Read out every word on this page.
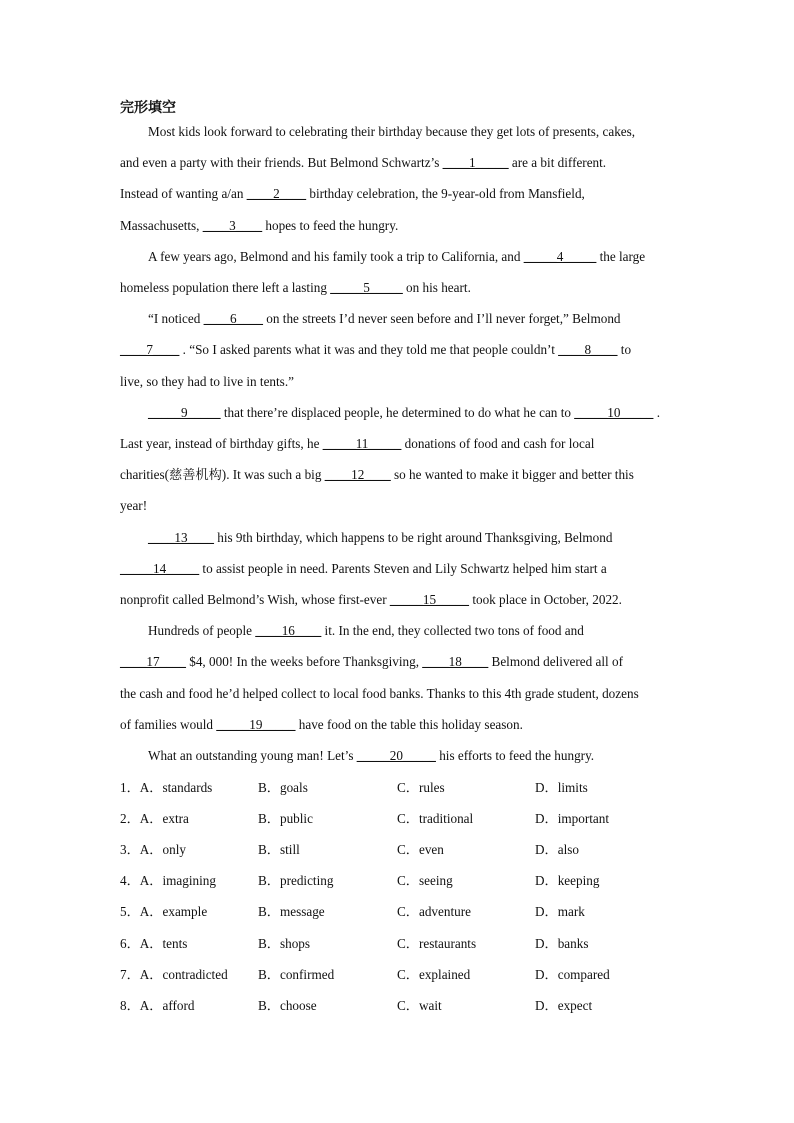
完形填空

Most kids look forward to celebrating their birthday because they get lots of presents, cakes,

and even a party with their friends. But Belmond Schwartz’s ____1_____ are a bit different.

Instead of wanting a/an ____2____ birthday celebration, the 9-year-old from Mansfield,

Massachusetts, ____3____ hopes to feed the hungry.

A few years ago, Belmond and his family took a trip to California, and _____4_____ the large

homeless population there left a lasting _____5_____ on his heart.

“I noticed ____6____ on the streets I’d never seen before and I’ll never forget,” Belmond

____7____ . “So I asked parents what it was and they told me that people couldn’t ____8____ to

live, so they had to live in tents.”

_____9_____ that there’re displaced people, he determined to do what he can to _____10_____ .

Last year, instead of birthday gifts, he _____11_____ donations of food and cash for local

charities(慈善机构). It was such a big ____12____ so he wanted to make it bigger and better this

year!

____13____ his 9th birthday, which happens to be right around Thanksgiving, Belmond

_____14_____ to assist people in need. Parents Steven and Lily Schwartz helped him start a

nonprofit called Belmond’s Wish, whose first-ever _____15_____ took place in October, 2022.

Hundreds of people ____16____ it. In the end, they collected two tons of food and

____17____ $4, 000! In the weeks before Thanksgiving, ____18____ Belmond delivered all of

the cash and food he’d helped collect to local food banks. Thanks to this 4th grade student, dozens

of families would _____19_____ have food on the table this holiday season.

What an outstanding young man! Let’s _____20_____ his efforts to feed the hungry.

1．A．standards	B．goals	C．rules	D．limits
2．A．extra	B．public	C．traditional	D．important
3．A．only	B．still	C．even	D．also
4．A．imagining	B．predicting	C．seeing	D．keeping
5．A．example	B．message	C．adventure	D．mark
6．A．tents	B．shops	C．restaurants	D．banks
7．A．contradicted B．confirmed	C．explained	D．compared
8．A．afford	B．choose	C．wait	D．expect
